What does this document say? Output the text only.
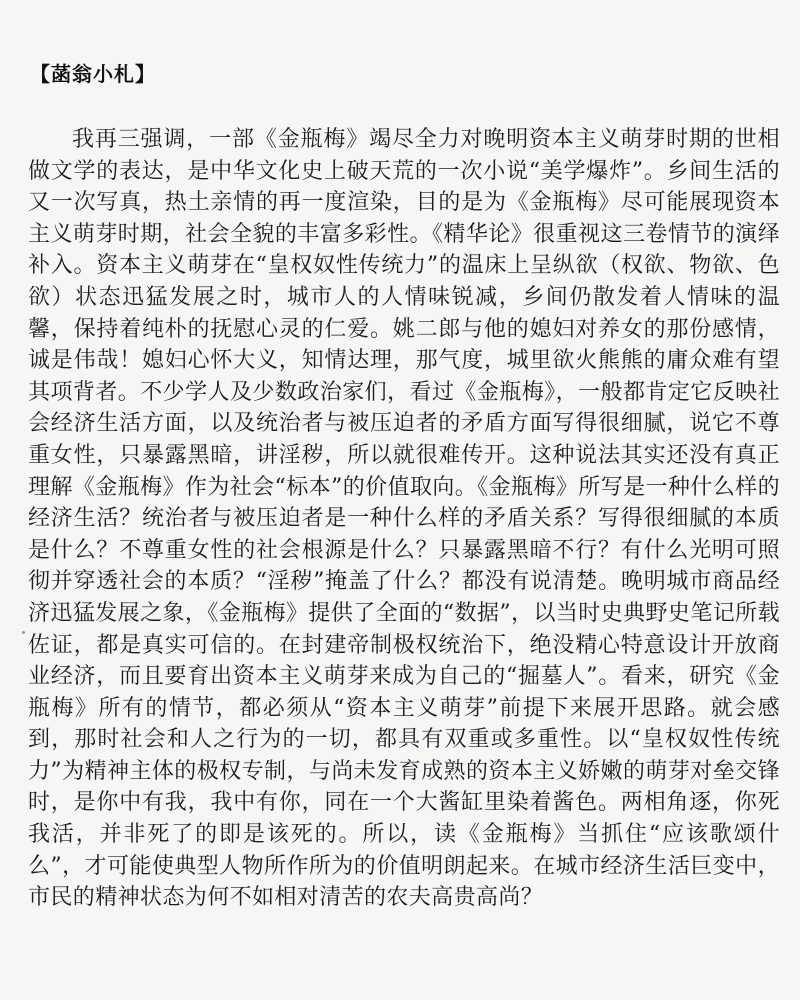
【菡翁小札】

我再三强调，一部《金瓶梅》竭尽全力对晚明资本主义萌芽时期的世相做文学的表达，是中华文化史上破天荒的一次小说“美学爆炸”。乡间生活的又一次写真，热土亲情的再一度渲染，目的是为《金瓶梅》尽可能展现资本主义萌芽时期，社会全貌的丰富多彩性。《精华论》很重视这三卷情节的演绎补入。资本主义萌芽在“皇权奴性传统力”的温床上呈纵欲（权欲、物欲、色欲）状态迅猛发展之时，城市人的人情味锐减，乡间仍散发着人情味的温馨，保持着纯朴的抚慰心灵的仁爱。姚二郎与他的媳妇对养女的那份感情，诚是伟哉！媳妇心怀大义，知情达理，那气度，城里欲火熊熊的庸众难有望其项背者。不少学人及少数政治家们，看过《金瓶梅》，一般都肯定它反映社会经济生活方面，以及统治者与被压迫者的矛盾方面写得很细腻，说它不尊重女性，只暴露黑暗，讲淫秽，所以就很难传开。这种说法其实还没有真正理解《金瓶梅》作为社会“标本”的价值取向。《金瓶梅》所写是一种什么样的经济生活？统治者与被压迫者是一种什么样的矛盾关系？写得很细腻的本质是什么？不尊重女性的社会根源是什么？只暴露黑暗不行？有什么光明可照彻并穿透社会的本质？“淫秽”掩盖了什么？都没有说清楚。晚明城市商品经济迅猛发展之象，《金瓶梅》提供了全面的“数据”，以当时史典野史笔记所载佐证，都是真实可信的。在封建帝制极权统治下，绝没精心特意设计开放商业经济，而且要育出资本主义萌芽来成为自己的“掘墓人”。看来，研究《金瓶梅》所有的情节，都必须从“资本主义萌芽”前提下来展开思路。就会感到，那时社会和人之行为的一切，都具有双重或多重性。以“皇权奴性传统力”为精神主体的极权专制，与尚未发育成熟的资本主义娇嫩的萌芽对垒交锋时，是你中有我，我中有你，同在一个大酱缸里染着酱色。两相角逐，你死我活，并非死了的即是该死的。所以，读《金瓶梅》当抓住“应该歌颂什么”，才可能使典型人物所作所为的价值明朗起来。在城市经济生活巨变中，市民的精神状态为何不如相对清苦的农夫高贵高尚？
